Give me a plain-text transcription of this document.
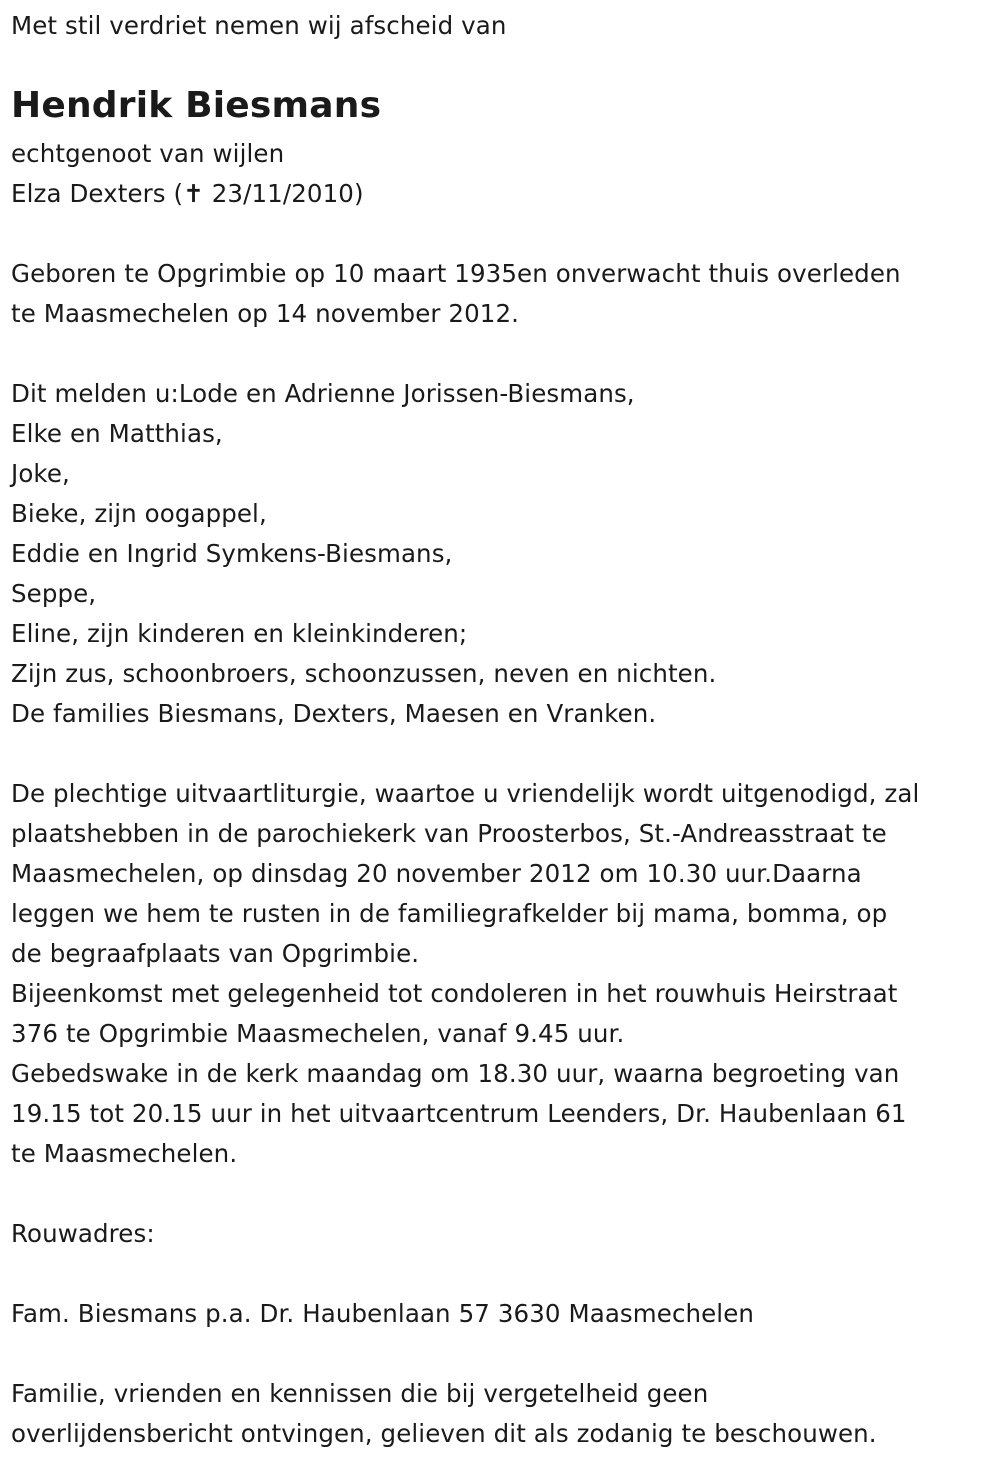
Met stil verdriet nemen wij afscheid van
Hendrik Biesmans
echtgenoot van wijlen
Elza Dexters (✝ 23/11/2010)
Geboren te Opgrimbie op 10 maart 1935en onverwacht thuis overleden
te Maasmechelen op 14 november 2012.
Dit melden u:Lode en Adrienne Jorissen-Biesmans,
Elke en Matthias,
Joke,
Bieke, zijn oogappel,
Eddie en Ingrid Symkens-Biesmans,
Seppe,
Eline, zijn kinderen en kleinkinderen;
Zijn zus, schoonbroers, schoonzussen, neven en nichten.
De families Biesmans, Dexters, Maesen en Vranken.
De plechtige uitvaartliturgie, waartoe u vriendelijk wordt uitgenodigd, zal
plaatshebben in de parochiekerk van Proosterbos, St.-Andreasstraat te
Maasmechelen, op dinsdag 20 november 2012 om 10.30 uur.Daarna
leggen we hem te rusten in de familiegrafkelder bij mama, bomma, op
de begraafplaats van Opgrimbie.
Bijeenkomst met gelegenheid tot condoleren in het rouwhuis Heirstraat
376 te Opgrimbie Maasmechelen, vanaf 9.45 uur.
Gebedswake in de kerk maandag om 18.30 uur, waarna begroeting van
19.15 tot 20.15 uur in het uitvaartcentrum Leenders, Dr. Haubenlaan 61
te Maasmechelen.
Rouwadres:
Fam. Biesmans p.a. Dr. Haubenlaan 57 3630 Maasmechelen
Familie, vrienden en kennissen die bij vergetelheid geen
overlijdensbericht ontvingen, gelieven dit als zodanig te beschouwen.
